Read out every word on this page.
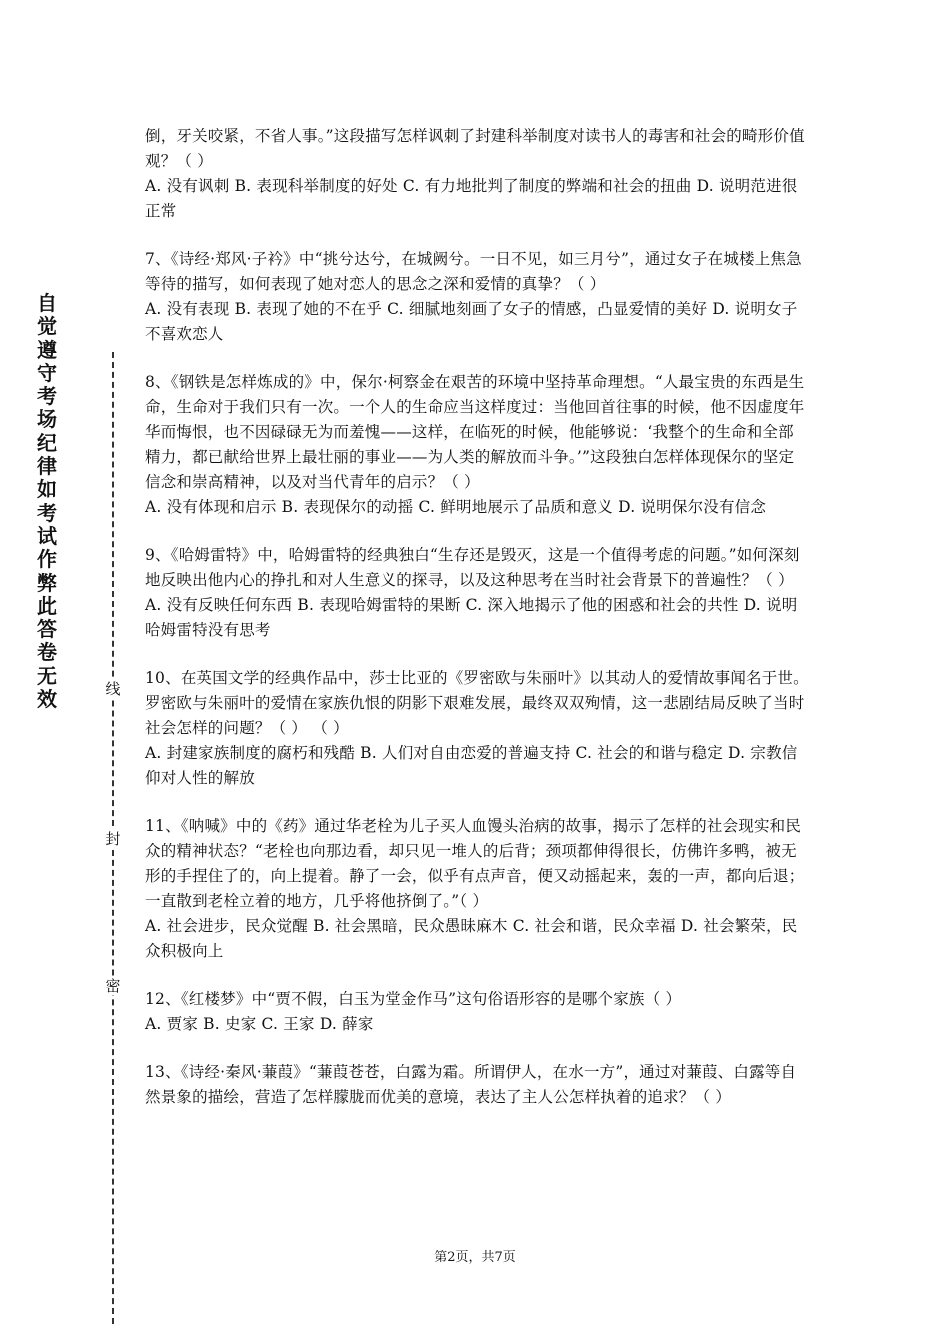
自觉遵守考场纪律如考试作弊此答卷无效	线
封
密

倒，牙关咬紧，不省人事。”这段描写怎样讽刺了封建科举制度对读书人的毒害和社会的畸形价值观？（ ）

A. 没有讽刺 B. 表现科举制度的好处 C. 有力地批判了制度的弊端和社会的扭曲 D. 说明范进很正常

7、《诗经·郑风·子衿》中“挑兮达兮，在城阙兮。一日不见，如三月兮”，通过女子在城楼上焦急等待的描写，如何表现了她对恋人的思念之深和爱情的真挚？（ ）

A. 没有表现 B. 表现了她的不在乎 C. 细腻地刻画了女子的情感，凸显爱情的美好 D. 说明女子不喜欢恋人

8、《钢铁是怎样炼成的》中，保尔·柯察金在艰苦的环境中坚持革命理想。“人最宝贵的东西是生命，生命对于我们只有一次。一个人的生命应当这样度过：当他回首往事的时候，他不因虚度年华而悔恨，也不因碌碌无为而羞愧——这样，在临死的时候，他能够说：‘我整个的生命和全部精力，都已献给世界上最壮丽的事业——为人类的解放而斗争。’”这段独白怎样体现保尔的坚定信念和崇高精神，以及对当代青年的启示？（ ）

A. 没有体现和启示 B. 表现保尔的动摇 C. 鲜明地展示了品质和意义 D. 说明保尔没有信念

9、《哈姆雷特》中，哈姆雷特的经典独白“生存还是毁灭，这是一个值得考虑的问题。”如何深刻地反映出他内心的挣扎和对人生意义的探寻，以及这种思考在当时社会背景下的普遍性？（ ）

A. 没有反映任何东西 B. 表现哈姆雷特的果断 C. 深入地揭示了他的困惑和社会的共性 D. 说明哈姆雷特没有思考

10、在英国文学的经典作品中，莎士比亚的《罗密欧与朱丽叶》以其动人的爱情故事闻名于世。罗密欧与朱丽叶的爱情在家族仇恨的阴影下艰难发展，最终双双殉情，这一悲剧结局反映了当时社会怎样的问题？（ ） （ ）

A. 封建家族制度的腐朽和残酷 B. 人们对自由恋爱的普遍支持 C. 社会的和谐与稳定 D. 宗教信仰对人性的解放

11、《呐喊》中的《药》通过华老栓为儿子买人血馒头治病的故事，揭示了怎样的社会现实和民众的精神状态？“老栓也向那边看，却只见一堆人的后背；颈项都伸得很长，仿佛许多鸭，被无形的手捏住了的，向上提着。静了一会，似乎有点声音，便又动摇起来，轰的一声，都向后退；一直散到老栓立着的地方，几乎将他挤倒了。”（ ）

A. 社会进步，民众觉醒 B. 社会黑暗，民众愚昧麻木 C. 社会和谐，民众幸福 D. 社会繁荣，民众积极向上

12、《红楼梦》中“贾不假，白玉为堂金作马”这句俗语形容的是哪个家族（ ）

A. 贾家 B. 史家 C. 王家 D. 薛家

13、《诗经·秦风·蒹葭》“蒹葭苍苍，白露为霜。所谓伊人，在水一方”，通过对蒹葭、白露等自然景象的描绘，营造了怎样朦胧而优美的意境，表达了主人公怎样执着的追求？（ ）

第2页，共7页
